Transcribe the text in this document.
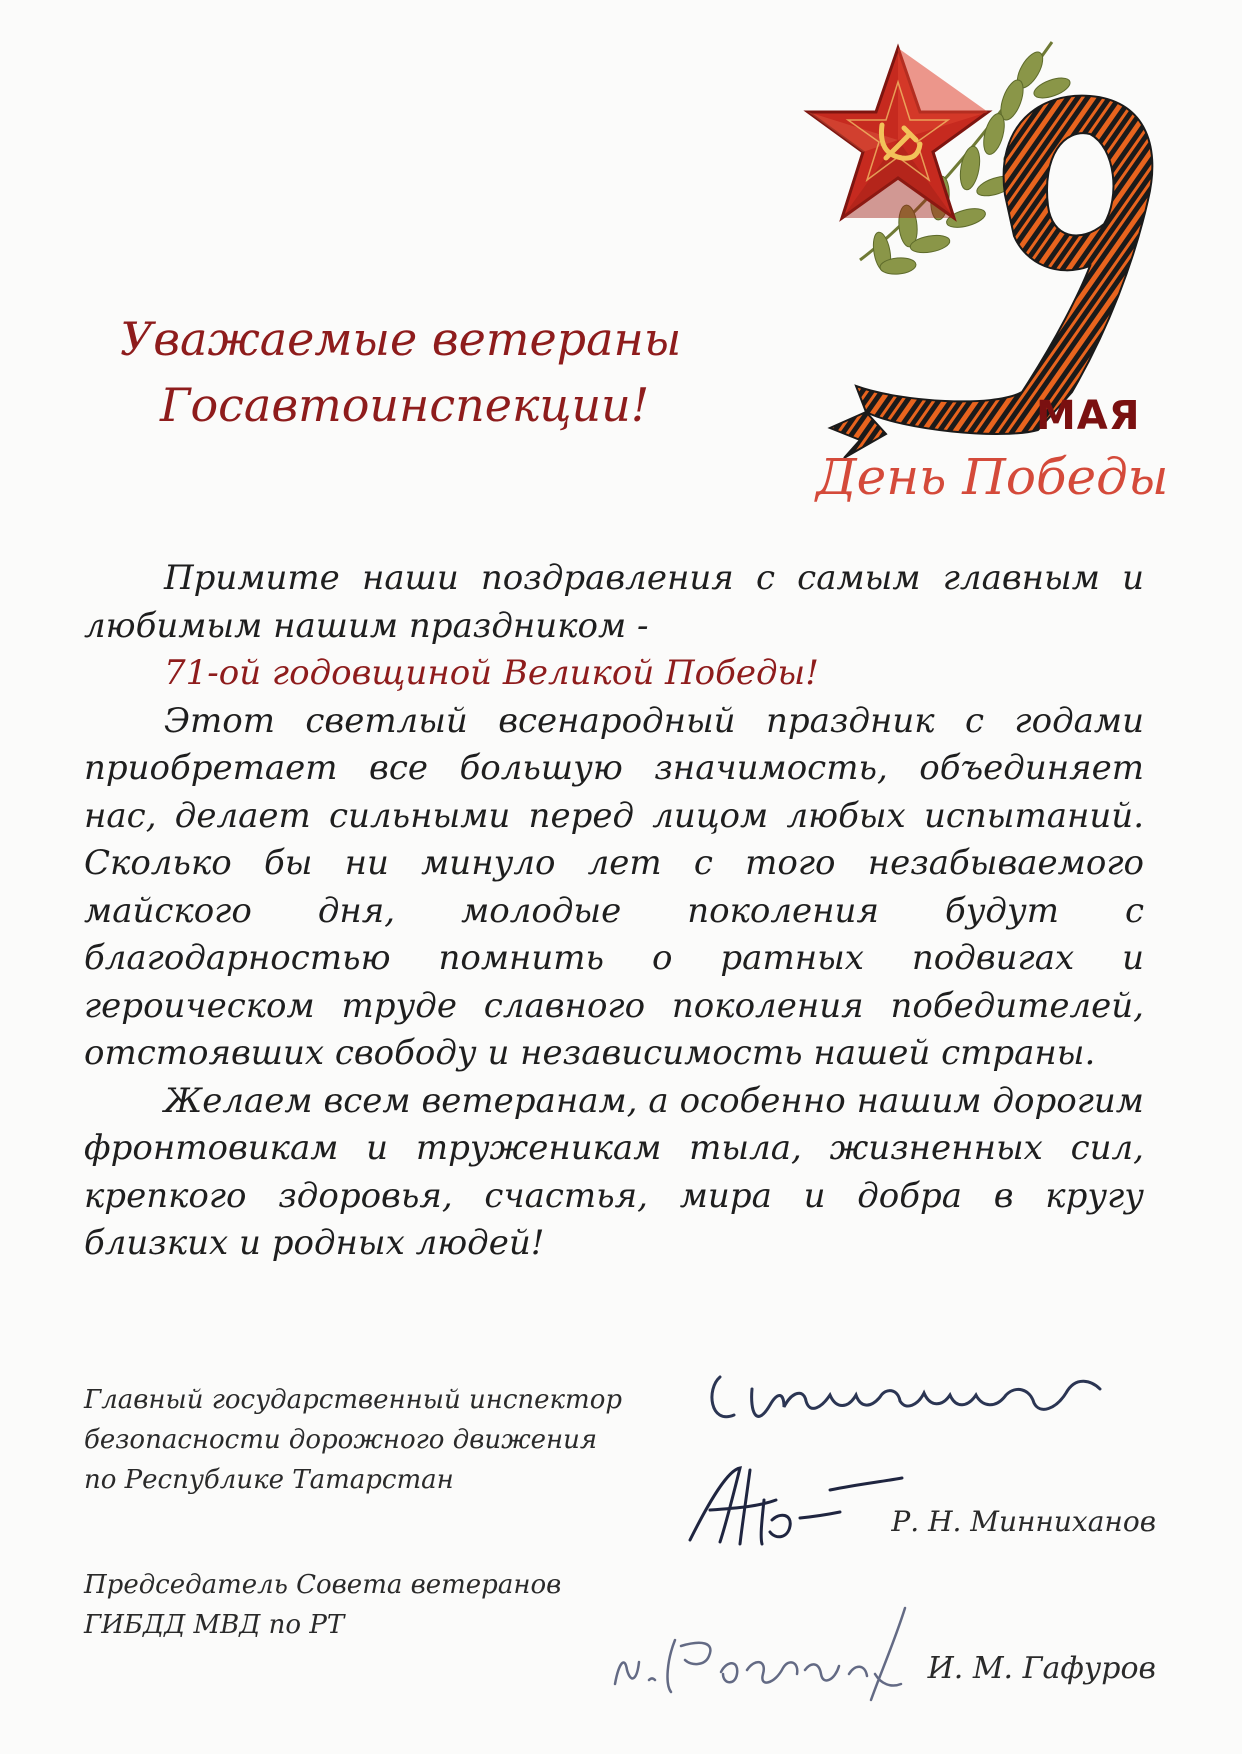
МАЯ
День Победы
Уважаемые ветераны

Госавтоинспекции!

Примите наши поздравления с самым главным и любимым нашим праздником -
71-ой годовщиной Великой Победы!

Этот светлый всенародный праздник с годами приобретает все большую значимость, объединяет нас, делает сильными перед лицом любых испытаний. Сколько бы ни минуло лет с того незабываемого майского дня, молодые поколения будут с благодарностью помнить о ратных подвигах и героическом труде славного поколения победителей, отстоявших свободу и независимость нашей страны.

Желаем всем ветеранам, а особенно нашим дорогим фронтовикам и труженикам тыла, жизненных сил, крепкого здоровья, счастья, мира и добра в кругу близких и родных людей!

Главный государственный инспектор
безопасности дорожного движения
по Республике Татарстан
Р. Н. Минниханов
Председатель Совета ветеранов
ГИБДД МВД по РТ
И. М. Гафуров
